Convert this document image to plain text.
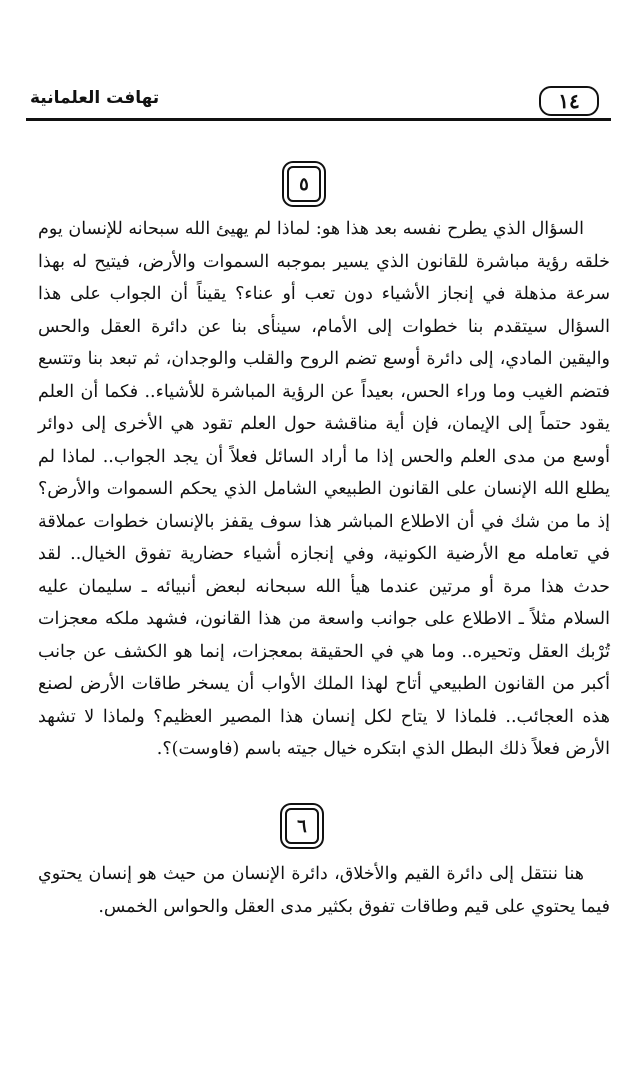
١٤
تهافت العلمانية
٥

السؤال الذي يطرح نفسه بعد هذا هو: لماذا لم يهيئ الله سبحانه للإنسان يوم خلقه رؤية مباشرة للقانون الذي يسير بموجبه السموات والأرض، فيتيح له بهذا سرعة مذهلة في إنجاز الأشياء دون تعب أو عناء؟ يقيناً أن الجواب على هذا السؤال سيتقدم بنا خطوات إلى الأمام، سينأى بنا عن دائرة العقل والحس واليقين المادي، إلى دائرة أوسع تضم الروح والقلب والوجدان، ثم تبعد بنا وتتسع فتضم الغيب وما وراء الحس، بعيداً عن الرؤية المباشرة للأشياء.. فكما أن العلم يقود حتماً إلى الإيمان، فإن أية مناقشة حول العلم تقود هي الأخرى إلى دوائر أوسع من مدى العلم والحس إذا ما أراد السائل فعلاً أن يجد الجواب.. لماذا لم يطلع الله الإنسان على القانون الطبيعي الشامل الذي يحكم السموات والأرض؟ إذ ما من شك في أن الاطلاع المباشر هذا سوف يقفز بالإنسان خطوات عملاقة في تعامله مع الأرضية الكونية، وفي إنجازه أشياء حضارية تفوق الخيال.. لقد حدث هذا مرة أو مرتين عندما هيأ الله سبحانه لبعض أنبيائه ـ سليمان عليه السلام مثلاً ـ الاطلاع على جوانب واسعة من هذا القانون، فشهد ملكه معجزات تُرْبك العقل وتحيره.. وما هي في الحقيقة بمعجزات، إنما هو الكشف عن جانب أكبر من القانون الطبيعي أتاح لهذا الملك الأواب أن يسخر طاقات الأرض لصنع هذه العجائب.. فلماذا لا يتاح لكل إنسان هذا المصير العظيم؟ ولماذا لا تشهد الأرض فعلاً ذلك البطل الذي ابتكره خيال جيته باسم (فاوست)؟.

٦

هنا ننتقل إلى دائرة القيم والأخلاق، دائرة الإنسان من حيث هو إنسان يحتوي فيما يحتوي على قيم وطاقات تفوق بكثير مدى العقل والحواس الخمس.
